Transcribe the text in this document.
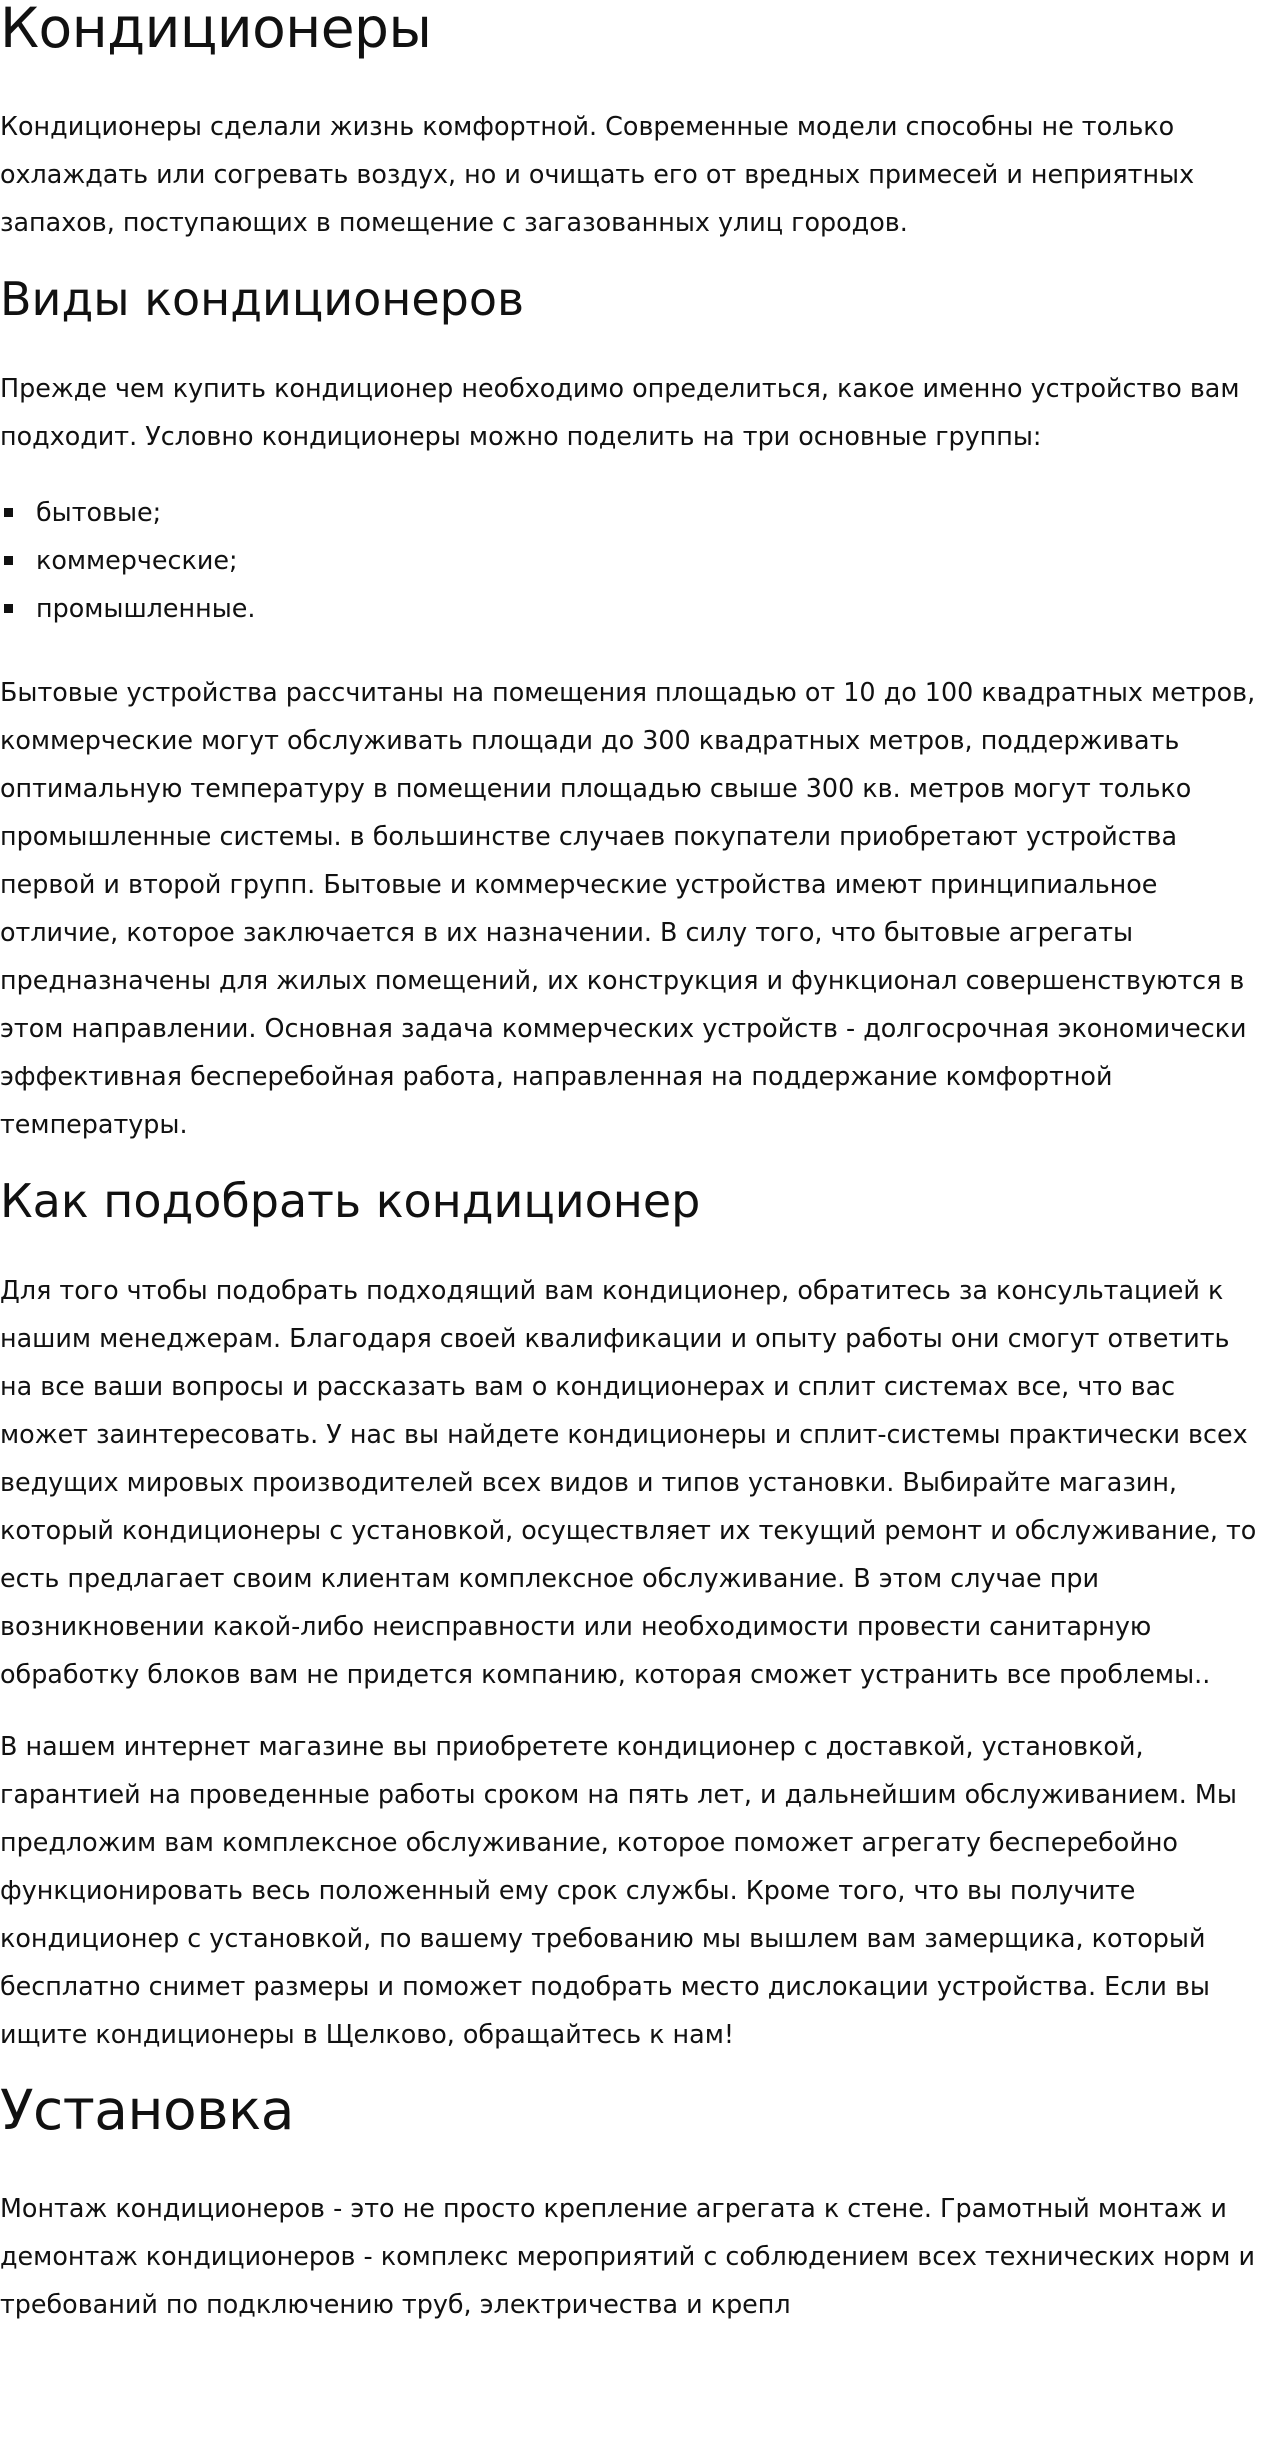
Кондиционеры

Кондиционеры сделали жизнь комфортной. Современные модели способны не только охлаждать или согревать воздух, но и очищать его от вредных примесей и неприятных запахов, поступающих в помещение с загазованных улиц городов.

Виды кондиционеров

Прежде чем купить кондиционер необходимо определиться, какое именно устройство вам подходит. Условно кондиционеры можно поделить на три основные группы:

бытовые;
коммерческие;
промышленные.

Бытовые устройства рассчитаны на помещения площадью от 10 до 100 квадратных метров, коммерческие могут обслуживать площади до 300 квадратных метров, поддерживать оптимальную температуру в помещении площадью свыше 300 кв. метров могут только промышленные системы. в большинстве случаев покупатели приобретают устройства первой и второй групп. Бытовые и коммерческие устройства имеют принципиальное отличие, которое заключается в их назначении. В силу того, что бытовые агрегаты предназначены для жилых помещений, их конструкция и функционал совершенствуются в этом направлении. Основная задача коммерческих устройств - долгосрочная экономически эффективная бесперебойная работа, направленная на поддержание комфортной температуры.

Как подобрать кондиционер

Для того чтобы подобрать подходящий вам кондиционер, обратитесь за консультацией к нашим менеджерам. Благодаря своей квалификации и опыту работы они смогут ответить на все ваши вопросы и рассказать вам о кондиционерах и сплит системах все, что вас может заинтересовать. У нас вы найдете кондиционеры и сплит-системы практически всех ведущих мировых производителей всех видов и типов установки. Выбирайте магазин, который кондиционеры с установкой, осуществляет их текущий ремонт и обслуживание, то есть предлагает своим клиентам комплексное обслуживание. В этом случае при возникновении какой-либо неисправности или необходимости провести санитарную обработку блоков вам не придется компанию, которая сможет устранить все проблемы..

В нашем интернет магазине вы приобретете кондиционер с доставкой, установкой, гарантией на проведенные работы сроком на пять лет, и дальнейшим обслуживанием. Мы предложим вам комплексное обслуживание, которое поможет агрегату бесперебойно функционировать весь положенный ему срок службы. Кроме того, что вы получите кондиционер с установкой, по вашему требованию мы вышлем вам замерщика, который бесплатно снимет размеры и поможет подобрать место дислокации устройства. Если вы ищите кондиционеры в Щелково, обращайтесь к нам!

Установка

Монтаж кондиционеров - это не просто крепление агрегата к стене. Грамотный монтаж и демонтаж кондиционеров - комплекс мероприятий с соблюдением всех технических норм и требований по подключению труб, электричества и крепл
